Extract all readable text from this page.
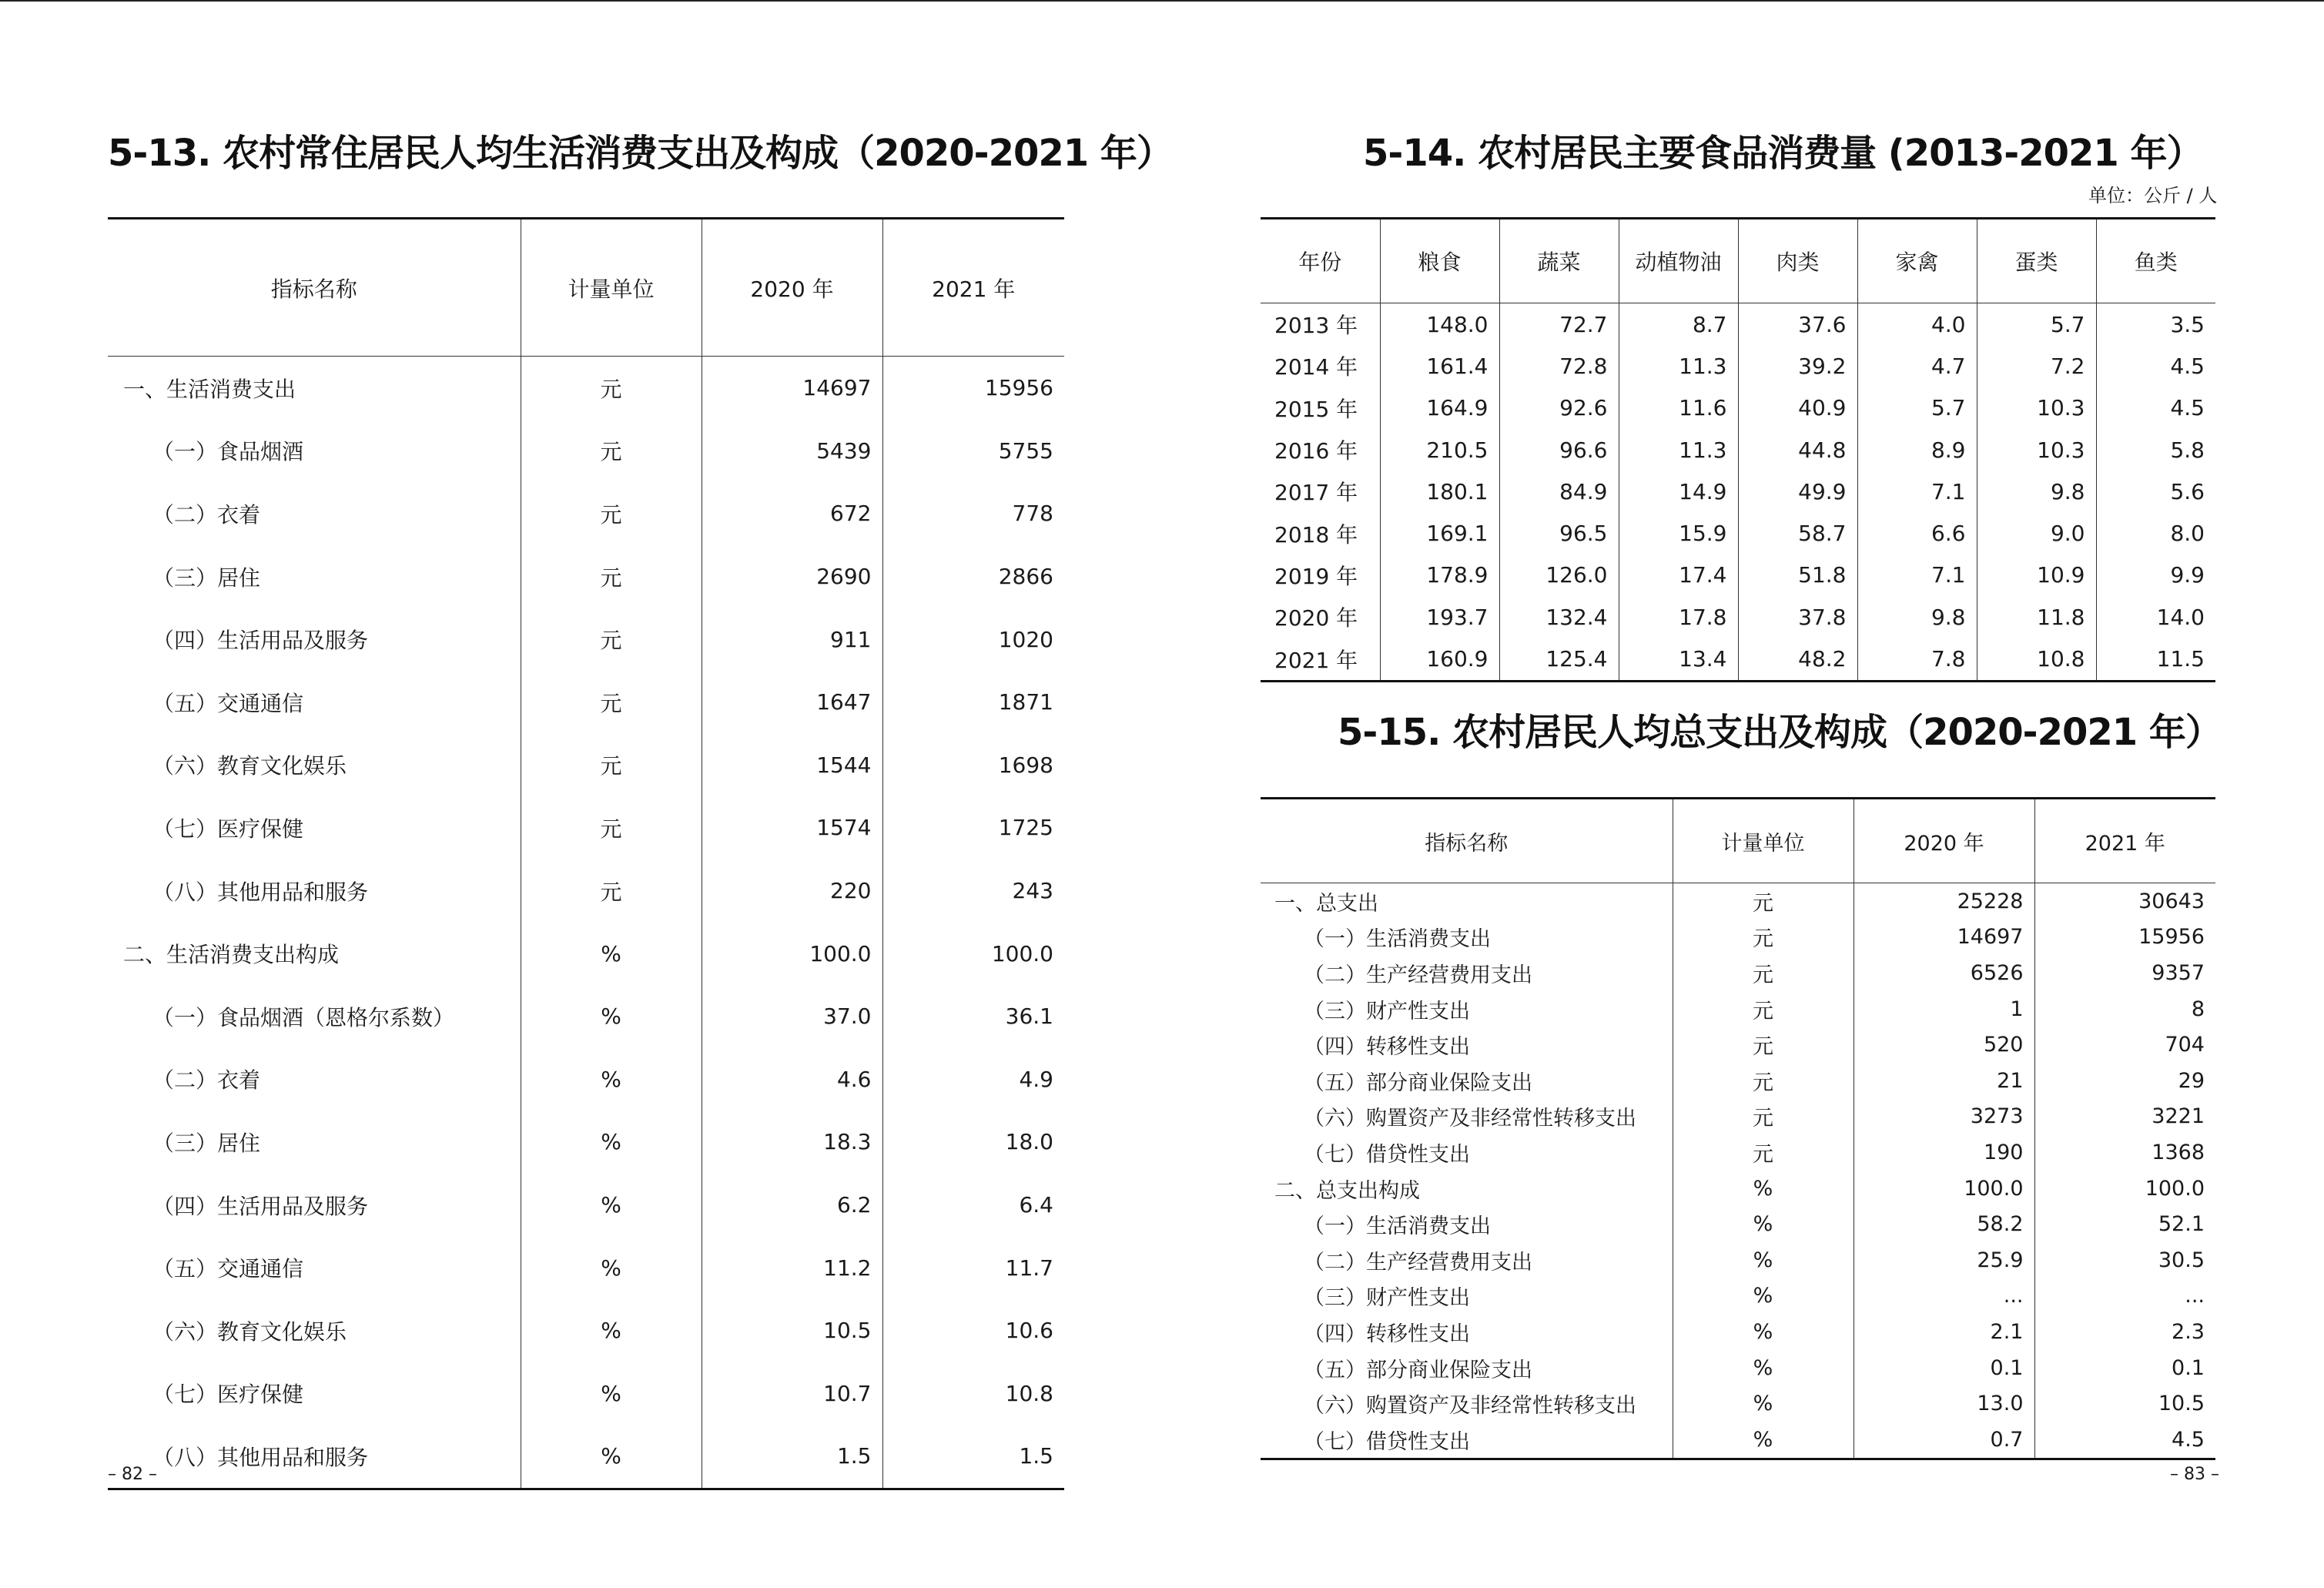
5-13. 农村常住居民人均生活消费支出及构成（2020-2021 年）
指标名称	计量单位	2020 年	2021 年
一、生活消费支出	元	14697	15956
（一）食品烟酒	元	5439	5755
（二）衣着	元	672	778
（三）居住	元	2690	2866
（四）生活用品及服务	元	911	1020
（五）交通通信	元	1647	1871
（六）教育文化娱乐	元	1544	1698
（七）医疗保健	元	1574	1725
（八）其他用品和服务	元	220	243
二、生活消费支出构成	%	100.0	100.0
（一）食品烟酒（恩格尔系数）	%	37.0	36.1
（二）衣着	%	4.6	4.9
（三）居住	%	18.3	18.0
（四）生活用品及服务	%	6.2	6.4
（五）交通通信	%	11.2	11.7
（六）教育文化娱乐	%	10.5	10.6
（七）医疗保健	%	10.7	10.8
（八）其他用品和服务	%	1.5	1.5
– 82 –
5-14. 农村居民主要食品消费量 (2013-2021 年）
单位：公斤 / 人
年份	粮食	蔬菜	动植物油	肉类	家禽	蛋类	鱼类
2013 年	148.0	72.7	8.7	37.6	4.0	5.7	3.5
2014 年	161.4	72.8	11.3	39.2	4.7	7.2	4.5
2015 年	164.9	92.6	11.6	40.9	5.7	10.3	4.5
2016 年	210.5	96.6	11.3	44.8	8.9	10.3	5.8
2017 年	180.1	84.9	14.9	49.9	7.1	9.8	5.6
2018 年	169.1	96.5	15.9	58.7	6.6	9.0	8.0
2019 年	178.9	126.0	17.4	51.8	7.1	10.9	9.9
2020 年	193.7	132.4	17.8	37.8	9.8	11.8	14.0
2021 年	160.9	125.4	13.4	48.2	7.8	10.8	11.5
5-15. 农村居民人均总支出及构成（2020-2021 年）
指标名称	计量单位	2020 年	2021 年
一、总支出	元	25228	30643
（一）生活消费支出	元	14697	15956
（二）生产经营费用支出	元	6526	9357
（三）财产性支出	元	1	8
（四）转移性支出	元	520	704
（五）部分商业保险支出	元	21	29
（六）购置资产及非经常性转移支出	元	3273	3221
（七）借贷性支出	元	190	1368
二、总支出构成	%	100.0	100.0
（一）生活消费支出	%	58.2	52.1
（二）生产经营费用支出	%	25.9	30.5
（三）财产性支出	%	...	...
（四）转移性支出	%	2.1	2.3
（五）部分商业保险支出	%	0.1	0.1
（六）购置资产及非经常性转移支出	%	13.0	10.5
（七）借贷性支出	%	0.7	4.5
– 83 –
